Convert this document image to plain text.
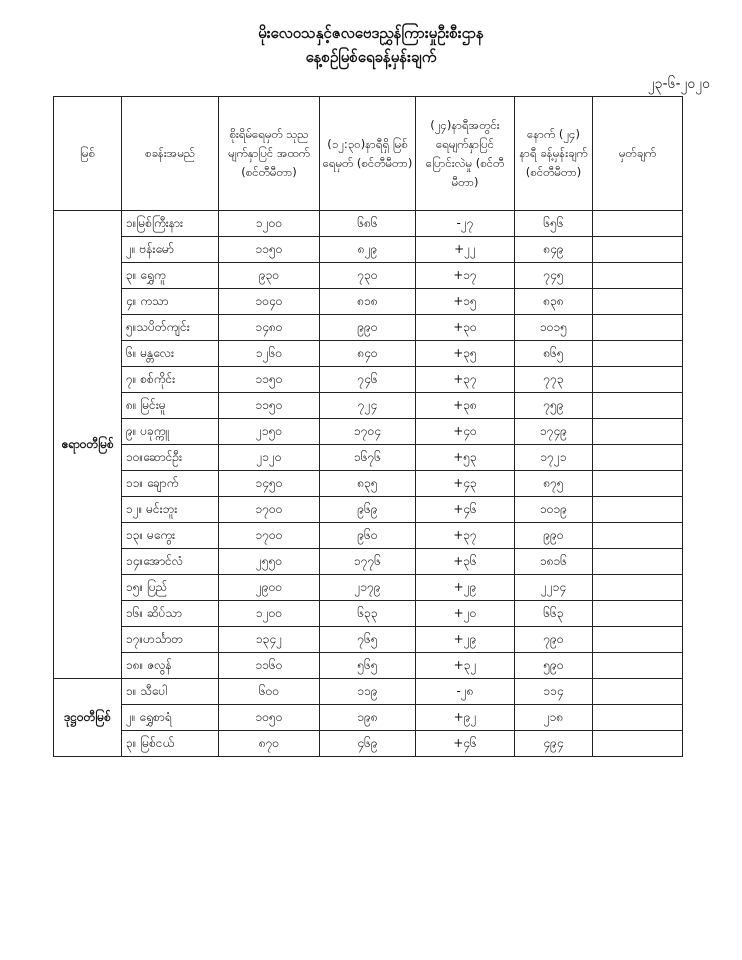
မိုးလေဝသနှင့်ဇလဗေဒညွှန်ကြားမှုဦးစီးဌာန
နေ့စဉ်မြစ်ရေခန့်မှန်းချက်
၂၃-၆-၂၀၂၀
မြစ်	စခန်းအမည်	စိုးရိမ်ရေမှတ် သုညမျက်နှာပြင် အထက် (စင်တီမီတာ)	(၁၂:၃၀)နာရီရှိ မြစ်ရေမှတ် (စင်တီမီတာ)	(၂၄)နာရီအတွင်း ရေမျက်နှာပြင် ပြောင်းလဲမှု (စင်တီမီတာ)	နောက် (၂၄) နာရီ ခန့်မှန်းချက် (စင်တီမီတာ)	မှတ်ချက်
ဧရာဝတီမြစ်	၁။မြစ်ကြီးနား	၁၂၀၀	၆၈၆	-၂၇	၆၅၆	
	၂။ ဗန်းမော်	၁၁၅၀	၈၂၉	+၂၂	၈၄၉	
	၃။ ရွှေကူ	၉၃၀	၇၃၀	+၁၇	၇၄၅	
	၄။ ကသာ	၁၀၄၀	၈၁၈	+၁၅	၈၃၈	
	၅။သပိတ်ကျင်း	၁၄၈၀	၉၉၀	+၃၀	၁၀၁၅	
	၆။ မန္တလေး	၁၂၆၀	၈၄၀	+၃၅	၈၆၅	
	၇။ စစ်ကိုင်း	၁၁၅၀	၇၄၆	+၃၇	၇၇၃	
	၈။ မြင်းမူ	၁၁၅၀	၇၂၄	+၃၈	၇၅၉	
	၉။ ပခုက္ကူ	၂၁၅၀	၁၇၀၄	+၄၀	၁၇၄၉	
	၁၀။ဆောင်ဦး	၂၁၂၀	၁၆၇၆	+၅၃	၁၇၂၁	
	၁၁။ ချောက်	၁၄၅၀	၈၃၅	+၄၃	၈၇၅	
	၁၂။ မင်းဘူး	၁၇၀၀	၉၆၉	+၄၆	၁၀၁၉	
	၁၃။ မကွေး	၁၇၀၀	၉၆၀	+၃၇	၉၉၀	
	၁၄။အောင်လံ	၂၅၅၀	၁၇၇၆	+၃၆	၁၈၁၆	
	၁၅။ ပြည်	၂၉၀၀	၂၁၇၉	+၂၉	၂၂၁၄	
	၁၆။ ဆိပ်သာ	၁၂၀၀	၆၃၃	+၂၀	၆၆၃	
	၁၇။ဟင်္သာတ	၁၃၄၂	၇၆၅	+၂၉	၇၉၀	
	၁၈။ ဇလွန်	၁၁၆၀	၅၆၅	+၃၂	၅၉၀	
ဒုဋ္ဌဝတီမြစ်	၁။ သီပေါ	၆၀၀	၁၁၉	-၂၈	၁၁၄	
	၂။ ရွှေစာရံ	၁၀၅၀	၁၉၈	+၉၂	၂၁၈	
	၃။ မြစ်ငယ်	၈၇၀	၄၆၉	+၄၆	၄၉၄	
